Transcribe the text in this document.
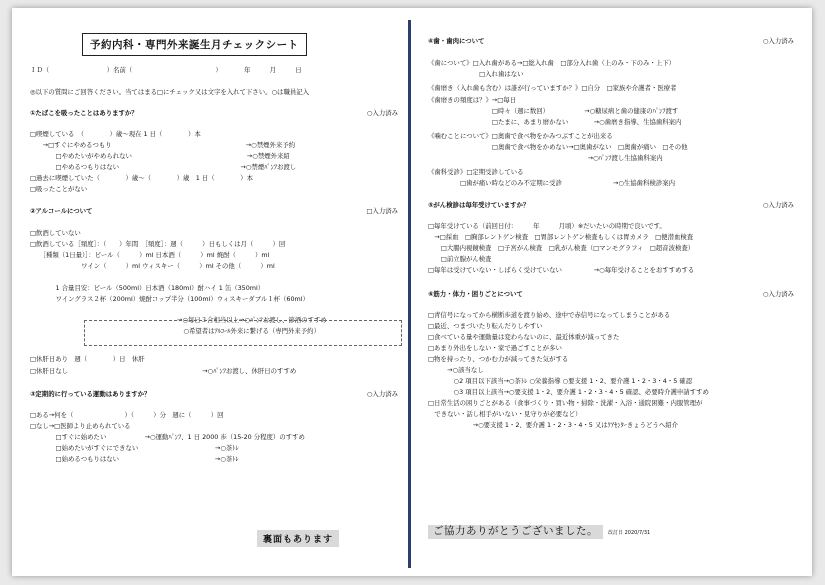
予約内科・専門外来誕生月チェックシート
ＩＤ（　　　　　　　　　）名前（　　　　　　　　　　　　　）　　　　年　　　月　　　日
◎以下の質問にご回答ください。当てはまる□にチェック又は文字を入れて下さい。○は職員記入
①たばこを吸ったことはありますか？	○入力済み
□喫煙している　（　　　　）歳～現在 1 日（　　　　）本
　　→□すぐにやめるつもり　　　　　　　　　　　　　　　　　　　　　→○禁煙外来予約
　　　　□やめたいがやめられない　　　　　　　　　　　　　　　　　　→○禁煙外来紹
　　　　□やめるつもりはない　　　　　　　　　　　　　　　　　　　→○禁煙ﾊﾟﾝﾌお渡し
□過去に喫煙していた（　　　　）歳～（　　　　）歳　1 日（　　　　）本
□吸ったことがない
②アルコールについて	□入力済み
□飲酒していない
□飲酒している［頻度］：（　　）年間　［頻度］：週（　　　）日もしくは月（　　　）回
　　［種類（1日量）］：ビール（　　　）ml 日本酒（　　　）ml 焼酎（　　　）ml
　　　　　　　　ワイン（　　　）ml ウィスキー（　　　）ml その他（　　　）ml
　　　　1 合量目安：ビール（500ml）日本酒（180ml）酎ハイ 1 缶（350ml）
　　　　ワイングラス２杯（200ml）焼酎コップ半分（100ml）ウィスキーダブル１杯（60ml）
　　　　　　　　　　　　　　　　　　　　　　　→○毎日３合相当以上→○ﾊﾟﾝﾌお渡し、節酒のすすめ
　　　　　　　　　　　　　　　　　　　　　　　　○希望者はｱﾙｺｰﾙ外来に繋げる（専門外来予約）
□休肝日あり　週（　　　　）日　休肝
□休肝日なし　　　　　　　　　　　　　　　　　　　　　→○ﾊﾟﾝﾌお渡し、休肝日のすすめ
③定期的に行っている運動はありますか？	○入力済み
□ある→何を（　　　　　　　　）（　　　）分　週に（　　　）回
□なし→□医師より止められている
　　　　□すぐに始めたい　　　　　　→○運動ﾊﾟﾝﾌ、1 日 2000 歩（15-20 分程度）のすすめ
　　　　□始めたいがすぐにできない　　　　　　　　　　　　→○茶ﾄﾚ
　　　　□始めるつもりはない　　　　　　　　　　　　　　　→○茶ﾄﾚ
ご協力ありがとうございました。	改訂日 2020/7/31
④歯・歯肉について	○入力済み
《歯について》□入れ歯がある→□総入れ歯　□部分入れ歯（上のみ・下のみ・上下）
　　　　　　　　□入れ歯はない
《歯磨き（入れ歯も含む）は誰が行っていますか？》□自分　□家族や介護者・医療者
《歯磨きの頻度は？》→□毎日
　　　　　　　　　　□時々（週に数回）　　　　　　→○糖尿病と歯の健康のﾊﾟﾝﾌ渡す
　　　　　　　　　　□たまに、あまり磨かない　　　　→○歯磨き指導、生協歯科案内
《噛むことについて》□奥歯で食べ物をかみつぶすことが出来る
　　　　　　　　　　□奥歯で食べ物をかめない→□奥歯がない　□奥歯が痛い　□その他
　　　　　　　　　　　　　　　　　　　　　　　　　→○ﾊﾟﾝﾌ渡し生協歯科案内
《歯科受診》□定期受診している
　　　　　□歯が痛い時などのみ不定期に受診　　　　　　　　→○生協歯科検診案内
⑤がん検診は毎年受けていますか？	○入力済み
□毎年受けている（前回日付：　　　年　　　月頃）※だいたいの時期で良いです。
　→□採血　□胸部レントゲン検査　□胃部レントゲン検査もしくは胃カメラ　□便潜血検査
　　□大腸内視鏡検査　□子宮がん検査　□乳がん検査（□マンモグラフィ　□超音波検査）
　　□前立腺がん検査
□毎年は受けていない・しばらく受けていない　　　　　→○毎年受けることをおすすめする
⑥筋力・体力・困りごとについて	○入力済み
□青信号になってから横断歩道を渡り始め、途中で赤信号になってしまうことがある
□最近、つまづいたり転んだりしやすい
□食べている量や運動量は変わらないのに、最近体重が減ってきた
□あまり外出をしない・家で過ごすことが多い
□物を持ったり、つかむ力が減ってきた気がする
　　　→○該当なし
　　　　○2 項目以下該当→○茶ﾄﾚ ○栄養指導 ○要支援 1・2、要介護 1・2・3・4・5 確認
　　　　○3 項目以上該当→○要支援 1・2、要介護 1・2・3・4・5 確認、必要時介護申請すすめ
□日常生活の困りごとがある（食事づくり・買い物・掃除・洗濯・入浴・通院困難・内服管理が
　できない・話し相手がいない・見守りが必要など）
　　　　　　　→○要支援 1・2、要介護 1・2・3・4・5 又はｹｱｾﾝﾀｰきょうどうへ紹介
裏面もあります
